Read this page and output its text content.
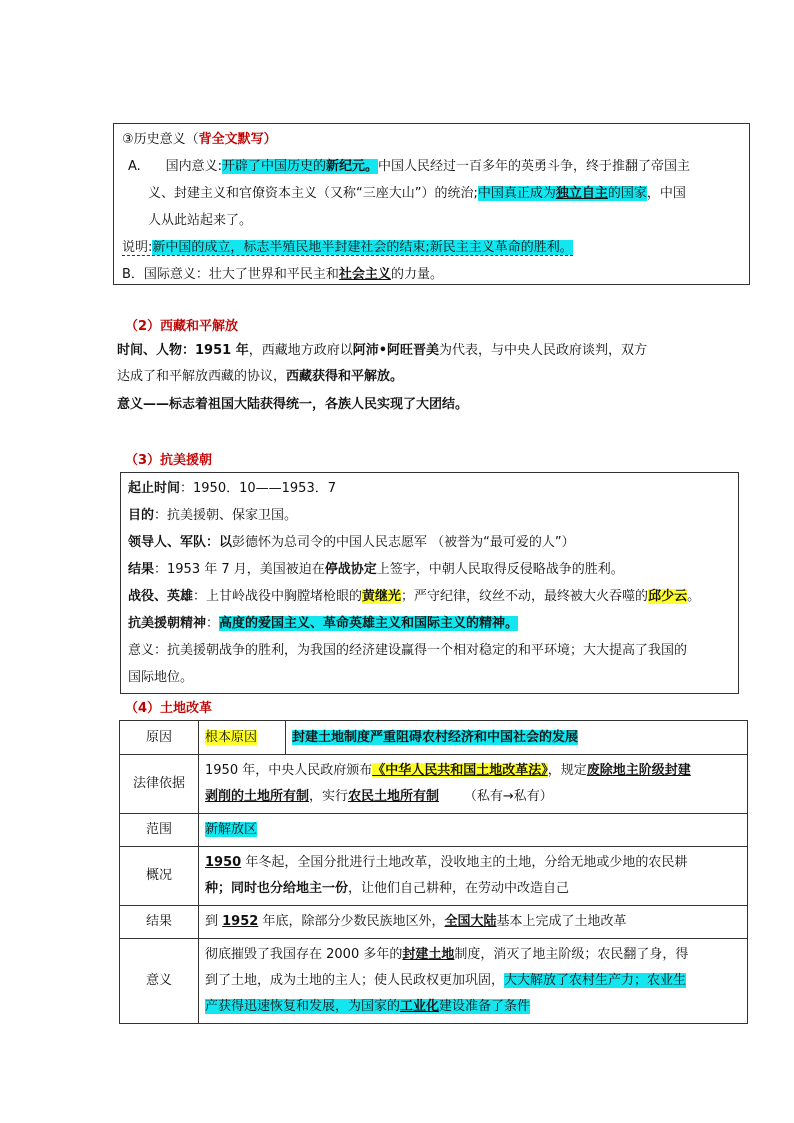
③历史意义（背全文默写）
A. 国内意义:开辟了中国历史的新纪元。中国人民经过一百多年的英勇斗争，终于推翻了帝国主
义、封建主义和官僚资本主义（又称“三座大山”）的统治;中国真正成为独立自主的国家，中国
人从此站起来了。
说明:新中国的成立，标志半殖民地半封建社会的结束;新民主主义革命的胜利。
B．国际意义：壮大了世界和平民主和社会主义的力量。
（2）西藏和平解放
时间、人物：1951 年，西藏地方政府以阿沛•阿旺晋美为代表，与中央人民政府谈判，双方
达成了和平解放西藏的协议，西藏获得和平解放。
意义——标志着祖国大陆获得统一，各族人民实现了大团结。
（3）抗美援朝
起止时间：1950．10——1953．7
目的：抗美援朝、保家卫国。
领导人、军队：以彭德怀为总司令的中国人民志愿军 （被誉为“最可爱的人”）
结果：1953 年 7 月，美国被迫在停战协定上签字，中朝人民取得反侵略战争的胜利。
战役、英雄：上甘岭战役中胸膛堵枪眼的黄继光；严守纪律，纹丝不动，最终被大火吞噬的邱少云。
抗美援朝精神：高度的爱国主义、革命英雄主义和国际主义的精神。
意义：抗美援朝战争的胜利，为我国的经济建设赢得一个相对稳定的和平环境；大大提高了我国的
国际地位。
（4）土地改革
原因	根本原因	封建土地制度严重阻碍农村经济和中国社会的发展
法律依据	1950 年，中央人民政府颁布《中华人民共和国土地改革法》，规定废除地主阶级封建
剥削的土地所有制，实行农民土地所有制 （私有→私有）	
范围	新解放区	
概况	1950 年冬起，全国分批进行土地改革，没收地主的土地，分给无地或少地的农民耕
种；同时也分给地主一份，让他们自己耕种，在劳动中改造自己	
结果	到 1952 年底，除部分少数民族地区外，全国大陆基本上完成了土地改革	
意义	彻底摧毁了我国存在 2000 多年的封建土地制度，消灭了地主阶级；农民翻了身，得
到了土地，成为土地的主人；使人民政权更加巩固，大大解放了农村生产力；农业生
产获得迅速恢复和发展，为国家的工业化建设准备了条件	
